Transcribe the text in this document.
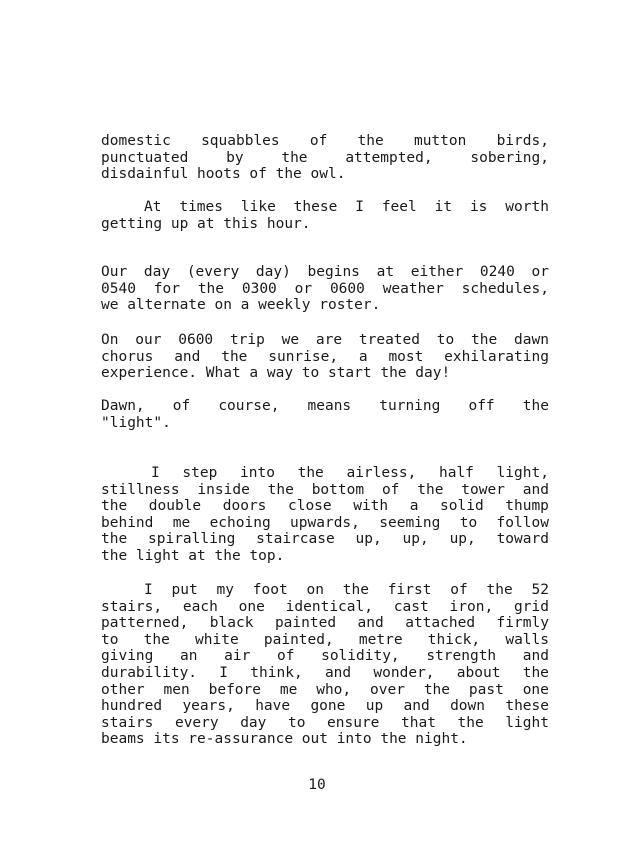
domestic squabbles of the mutton birds,
punctuated	by	the	attempted,	sobering,
disdainful hoots of the owl.
At times like these I feel it is worth
getting up at this hour.
Our day (every day) begins at either 0240 or
0540 for the 0300 or 0600 weather schedules,
we alternate on a weekly roster.
On our 0600 trip we are treated to the dawn
chorus and the sunrise, a most exhilarating
experience. What a way to start the day!
Dawn, of course, means turning off the
"light".
I step into the airless, half light,
stillness inside the bottom of the tower and
the double doors close with a solid thump
behind me echoing upwards, seeming to follow
the spiralling staircase up, up, up, toward
the light at the top.
I put my foot on the first of the 52
stairs, each one identical, cast iron, grid
patterned, black painted and attached firmly
to the white painted, metre thick, walls
giving an air of solidity, strength and
durability. I think, and wonder, about the
other men before me who, over the past one
hundred years, have gone up and down these
stairs every day to ensure that the light
beams its re-assurance out into the night.
10
